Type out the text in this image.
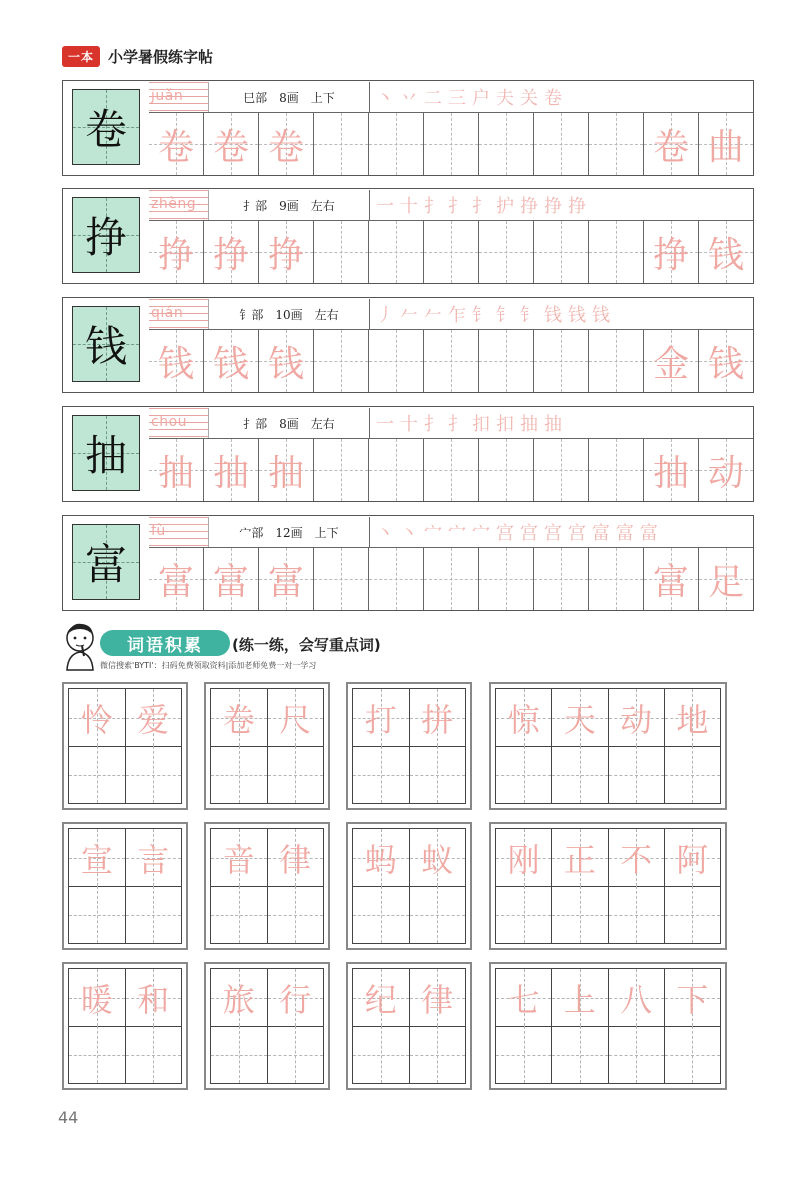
一本 小学暑假练字帖
卷
juǎn	巳部　8画　上下	丶 丷 二 三 户 夫 关 卷
卷 卷 卷	卷 曲
挣
zhèng	扌部　9画　左右	一 十 扌 扌 扌 护 挣 挣 挣
挣 挣 挣	挣 钱
钱
qián	钅部　10画　左右	丿 𠂉 𠂉 乍 钅 钅 钅 钱 钱 钱
钱 钱 钱	金 钱
抽
chōu	扌部　8画　左右	一 十 扌 扌 扣 扣 抽 抽
抽 抽 抽	抽 动
富
fù	宀部　12画　上下	丶 丶 宀 宀 宀 宫 宫 宫 宫 富 富 富
富 富 富	富 足
词语积累	(练一练，会写重点词)
微信搜索'BYTI'：扫码免费领取资料|添加老师免费一对一学习
怜 爱	卷 尺	打 拼	惊 天 动 地
宣 言	音 律	蚂 蚁	刚 正 不 阿
暖 和	旅 行	纪 律	七 上 八 下
44
